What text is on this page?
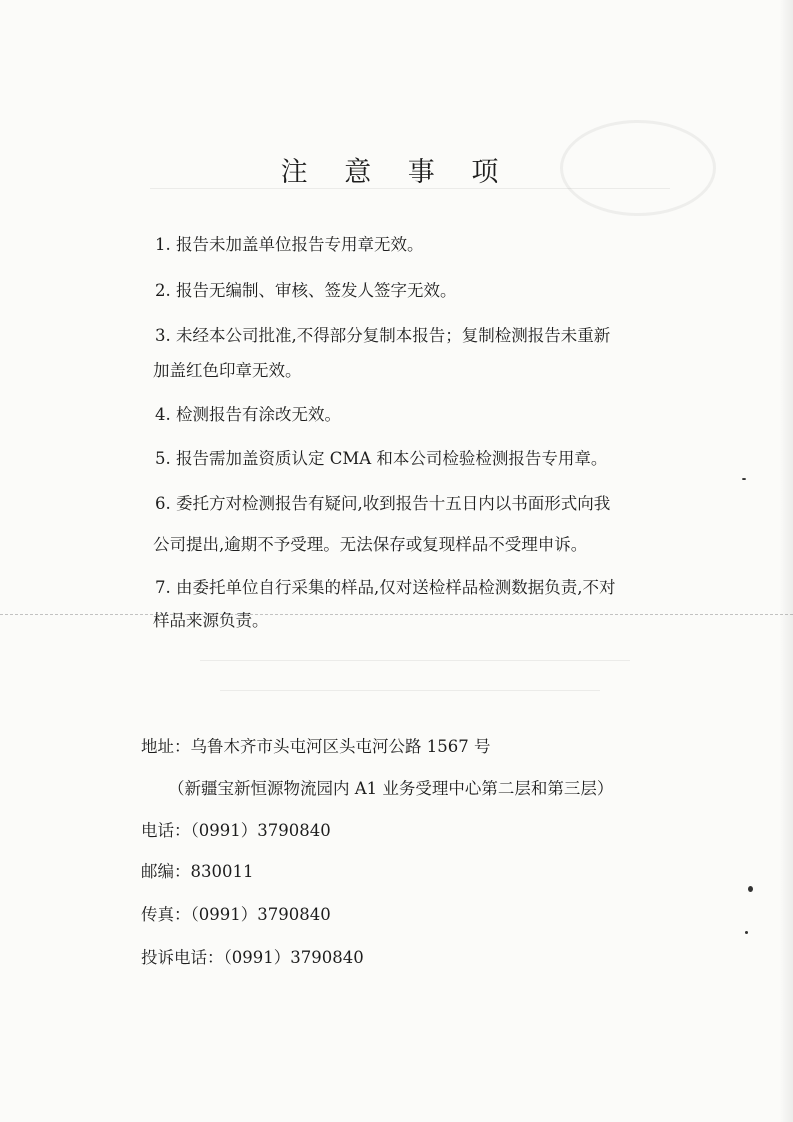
注 意 事 项
1. 报告未加盖单位报告专用章无效。
2. 报告无编制、审核、签发人签字无效。
3. 未经本公司批准,不得部分复制本报告；复制检测报告未重新
加盖红色印章无效。
4. 检测报告有涂改无效。
5. 报告需加盖资质认定 CMA 和本公司检验检测报告专用章。
6. 委托方对检测报告有疑问,收到报告十五日内以书面形式向我
公司提出,逾期不予受理。无法保存或复现样品不受理申诉。
7. 由委托单位自行采集的样品,仅对送检样品检测数据负责,不对
样品来源负责。
地址：乌鲁木齐市头屯河区头屯河公路 1567 号
（新疆宝新恒源物流园内 A1 业务受理中心第二层和第三层）
电话：（0991）3790840
邮编：830011
传真：（0991）3790840
投诉电话：（0991）3790840
